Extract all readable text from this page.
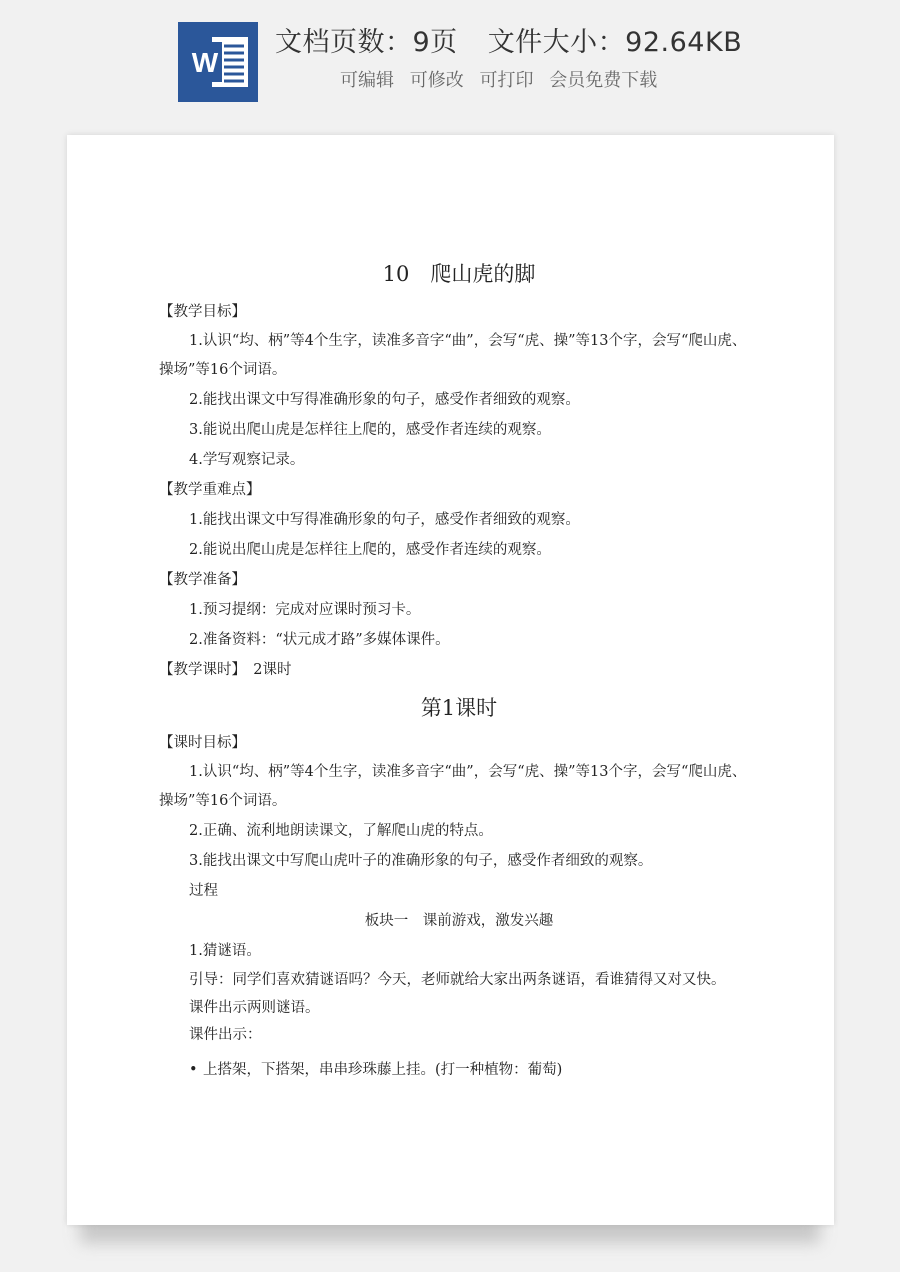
W
文档页数：9页 文件大小：92.64KB
可编辑 可修改 可打印 会员免费下载

10　爬山虎的脚

【教学目标】

1.认识“均、柄”等4个生字，读准多音字“曲”，会写“虎、操”等13个字，会写“爬山虎、操场”等16个词语。

2.能找出课文中写得准确形象的句子，感受作者细致的观察。

3.能说出爬山虎是怎样往上爬的，感受作者连续的观察。

4.学写观察记录。

【教学重难点】

1.能找出课文中写得准确形象的句子，感受作者细致的观察。

2.能说出爬山虎是怎样往上爬的，感受作者连续的观察。

【教学准备】

1.预习提纲：完成对应课时预习卡。

2.准备资料：“状元成才路”多媒体课件。

【教学课时】　2课时

第1课时

【课时目标】

1.认识“均、柄”等4个生字，读准多音字“曲”，会写“虎、操”等13个字，会写“爬山虎、操场”等16个词语。

2.正确、流利地朗读课文，了解爬山虎的特点。

3.能找出课文中写爬山虎叶子的准确形象的句子，感受作者细致的观察。

过程

板块一　课前游戏，激发兴趣

1.猜谜语。

引导：同学们喜欢猜谜语吗？今天，老师就给大家出两条谜语，看谁猜得又对又快。

课件出示两则谜语。

课件出示：

• 上搭架，下搭架，串串珍珠藤上挂。(打一种植物：葡萄)
